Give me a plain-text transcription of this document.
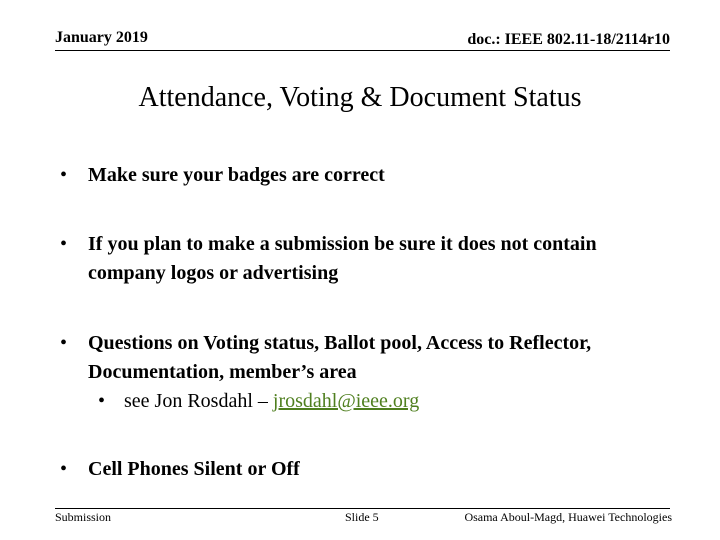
January 2019	doc.: IEEE 802.11-18/2114r10
Attendance, Voting & Document Status
• Make sure your badges are correct
• If you plan to make a submission be sure it does not contain company logos or advertising
• Questions on Voting status, Ballot pool, Access to Reflector, Documentation, member’s area
• see Jon Rosdahl – jrosdahl@ieee.org
• Cell Phones Silent or Off
Submission	Slide 5	Osama Aboul-Magd, Huawei Technologies
